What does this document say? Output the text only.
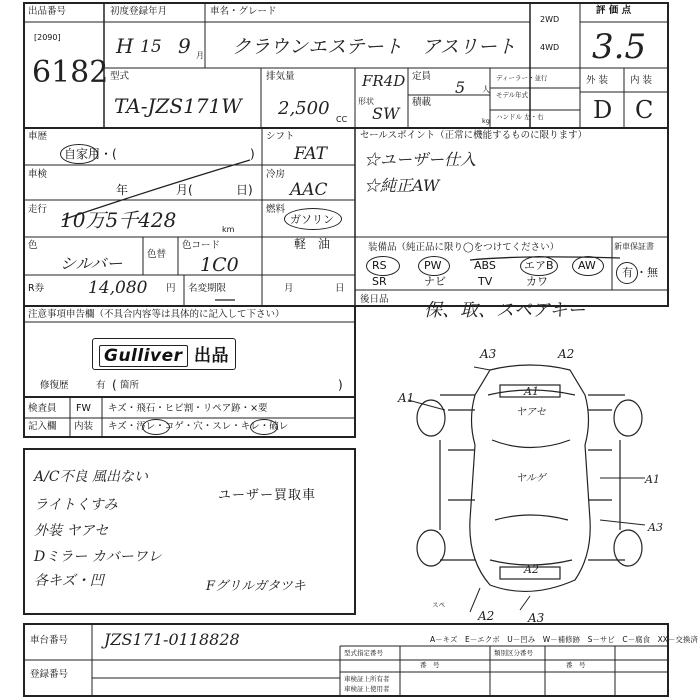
出品番号
[2090]
6182
初度登録年月
H 15 9 月
車名・グレード
クラウンエステート　アスリート
2WD
4WD
評 価 点
3.5
外 装 内 装
D C
型式
TA-JZS171W
排気量
2,500
CC
FR4D 定員
5 人
形状
SW
積載
kg
ディーラー・並行
モデル年式
ハンドル 左・右
車歴
自家用・(	)
シフト
FAT
車検
年	月(	日)
冷房
AAC
走行 10万5千428	km
燃料
ガソリン
軽　油
色
シルバー	色替
色コード
1C0
R券	14,080 円 名変期限	月	日
セールスポイント（正常に機能するものに限ります）
☆ユーザー仕入
☆純正AW
装備品（純正品に限り◯をつけてください）	新車保証書
RS	PW	ABS	エアB AW
SR	ナビ	TV	カワ
有 ・無
後日品
保、取、スペアキー
注意事項申告欄（不具合内容等は具体的に記入して下さい）
Gulliver 出品
修復歴	有 箇所
(	)
検査員
記入欄
FW キズ・飛石・ヒビ割・リペア跡・×要
内装 キズ・汚レ・コゲ・穴・スレ・キレ・破レ
A/C不良 風出ない
ライトくすみ
外装 ヤアセ
Dミラー カバーワレ
各キズ・凹	Fグリルガタツキ
ユーザー買取車
A3	A2
A1	A1
ヤアセ
ヤルゲ	A1
A3
A2
A2	A3
スペ
A－キズ　E－エクボ　U－凹み　W－補修跡　S－サビ　C－腐食　XX－交換済
車台番号 JZS171-0118828
登録番号
型式指定番号
番　号
類別区分番号
番　号
車検証上所有者
車検証上使用者
